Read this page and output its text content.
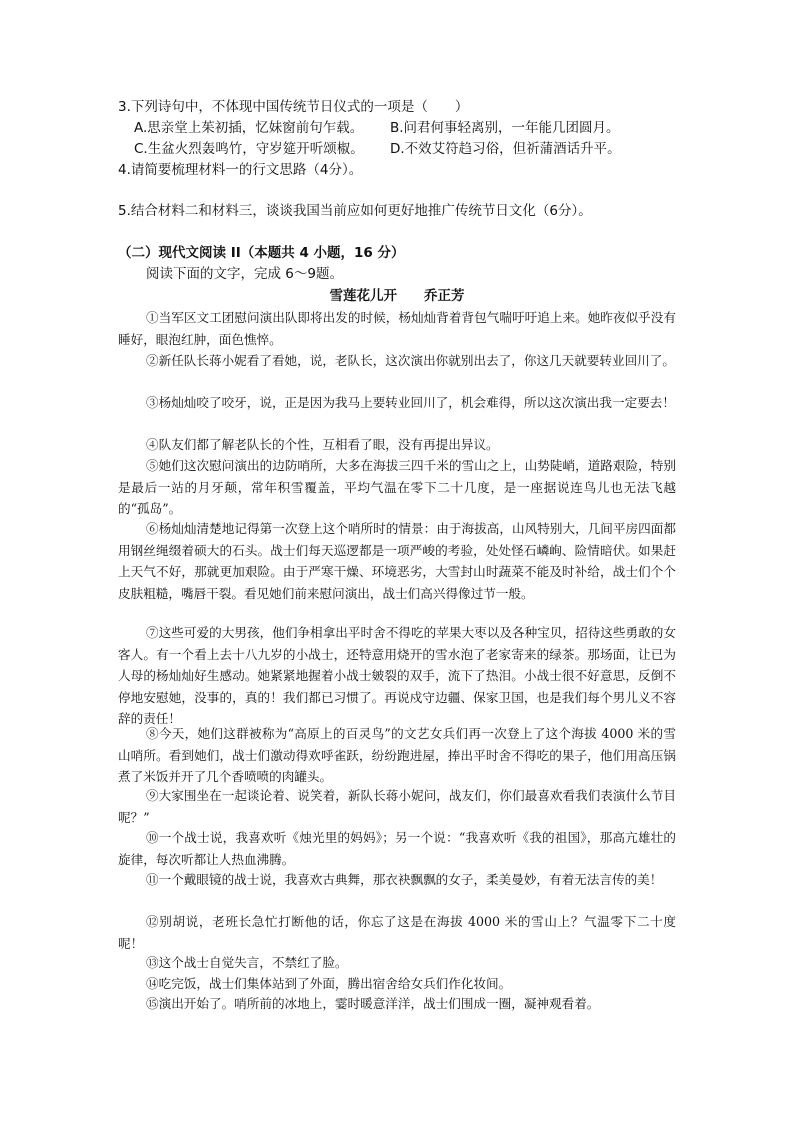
3.下列诗句中，不体现中国传统节日仪式的一项是（　　）
A.思亲堂上茱初插，忆妹窗前句乍载。 B.问君何事轻离别，一年能几团圆月。
C.生盆火烈轰鸣竹，守岁筵开听颂椒。 D.不效艾符趋习俗，但祈蒲酒话升平。
4.请简要梳理材料一的行文思路（4分）。
5.结合材料二和材料三，谈谈我国当前应如何更好地推广传统节日文化（6分）。
（二）现代文阅读 II（本题共 4 小题，16 分）
阅读下面的文字，完成 6～9题。
雪莲花儿开　　乔正芳
①当军区文工团慰问演出队即将出发的时候，杨灿灿背着背包气喘吁吁追上来。她昨夜似乎没有睡好，眼泡红肿，面色憔悴。
②新任队长蒋小妮看了看她，说，老队长，这次演出你就别出去了，你这几天就要转业回川了。
③杨灿灿咬了咬牙，说，正是因为我马上要转业回川了，机会难得，所以这次演出我一定要去！
④队友们都了解老队长的个性，互相看了眼，没有再提出异议。
⑤她们这次慰问演出的边防哨所，大多在海拔三四千米的雪山之上，山势陡峭，道路艰险，特别是最后一站的月牙颠，常年积雪覆盖，平均气温在零下二十几度，是一座据说连鸟儿也无法飞越的“孤岛”。
⑥杨灿灿清楚地记得第一次登上这个哨所时的情景：由于海拔高，山风特别大，几间平房四面都用钢丝绳缀着硕大的石头。战士们每天巡逻都是一项严峻的考验，处处怪石嶙峋、险情暗伏。如果赶上天气不好，那就更加艰险。由于严寒干燥、环境恶劣，大雪封山时蔬菜不能及时补给，战士们个个皮肤粗糙，嘴唇干裂。看见她们前来慰问演出，战士们高兴得像过节一般。
⑦这些可爱的大男孩，他们争相拿出平时舍不得吃的苹果大枣以及各种宝贝，招待这些勇敢的女客人。有一个看上去十八九岁的小战士，还特意用烧开的雪水泡了老家寄来的绿茶。那场面，让已为人母的杨灿灿好生感动。她紧紧地握着小战士皴裂的双手，流下了热泪。小战士很不好意思，反倒不停地安慰她，没事的，真的！我们都已习惯了。再说戍守边疆、保家卫国，也是我们每个男儿义不容辞的责任！
⑧今天，她们这群被称为“高原上的百灵鸟”的文艺女兵们再一次登上了这个海拔 4000 米的雪山哨所。看到她们，战士们激动得欢呼雀跃，纷纷跑进屋，捧出平时舍不得吃的果子，他们用高压锅煮了米饭并开了几个香喷喷的肉罐头。
⑨大家围坐在一起谈论着、说笑着，新队长蒋小妮问，战友们，你们最喜欢看我们表演什么节目呢？”
⑩一个战士说，我喜欢听《烛光里的妈妈》；另一个说：“我喜欢听《我的祖国》，那高亢雄壮的旋律，每次听都让人热血沸腾。
⑪一个戴眼镜的战士说，我喜欢古典舞，那衣袂飘飘的女子，柔美曼妙，有着无法言传的美！
⑫别胡说，老班长急忙打断他的话，你忘了这是在海拔 4000 米的雪山上？气温零下二十度呢！
⑬这个战士自觉失言，不禁红了脸。
⑭吃完饭，战士们集体站到了外面，腾出宿舍给女兵们作化妆间。
⑮演出开始了。哨所前的冰地上，霎时暖意洋洋，战士们围成一圈，凝神观看着。
